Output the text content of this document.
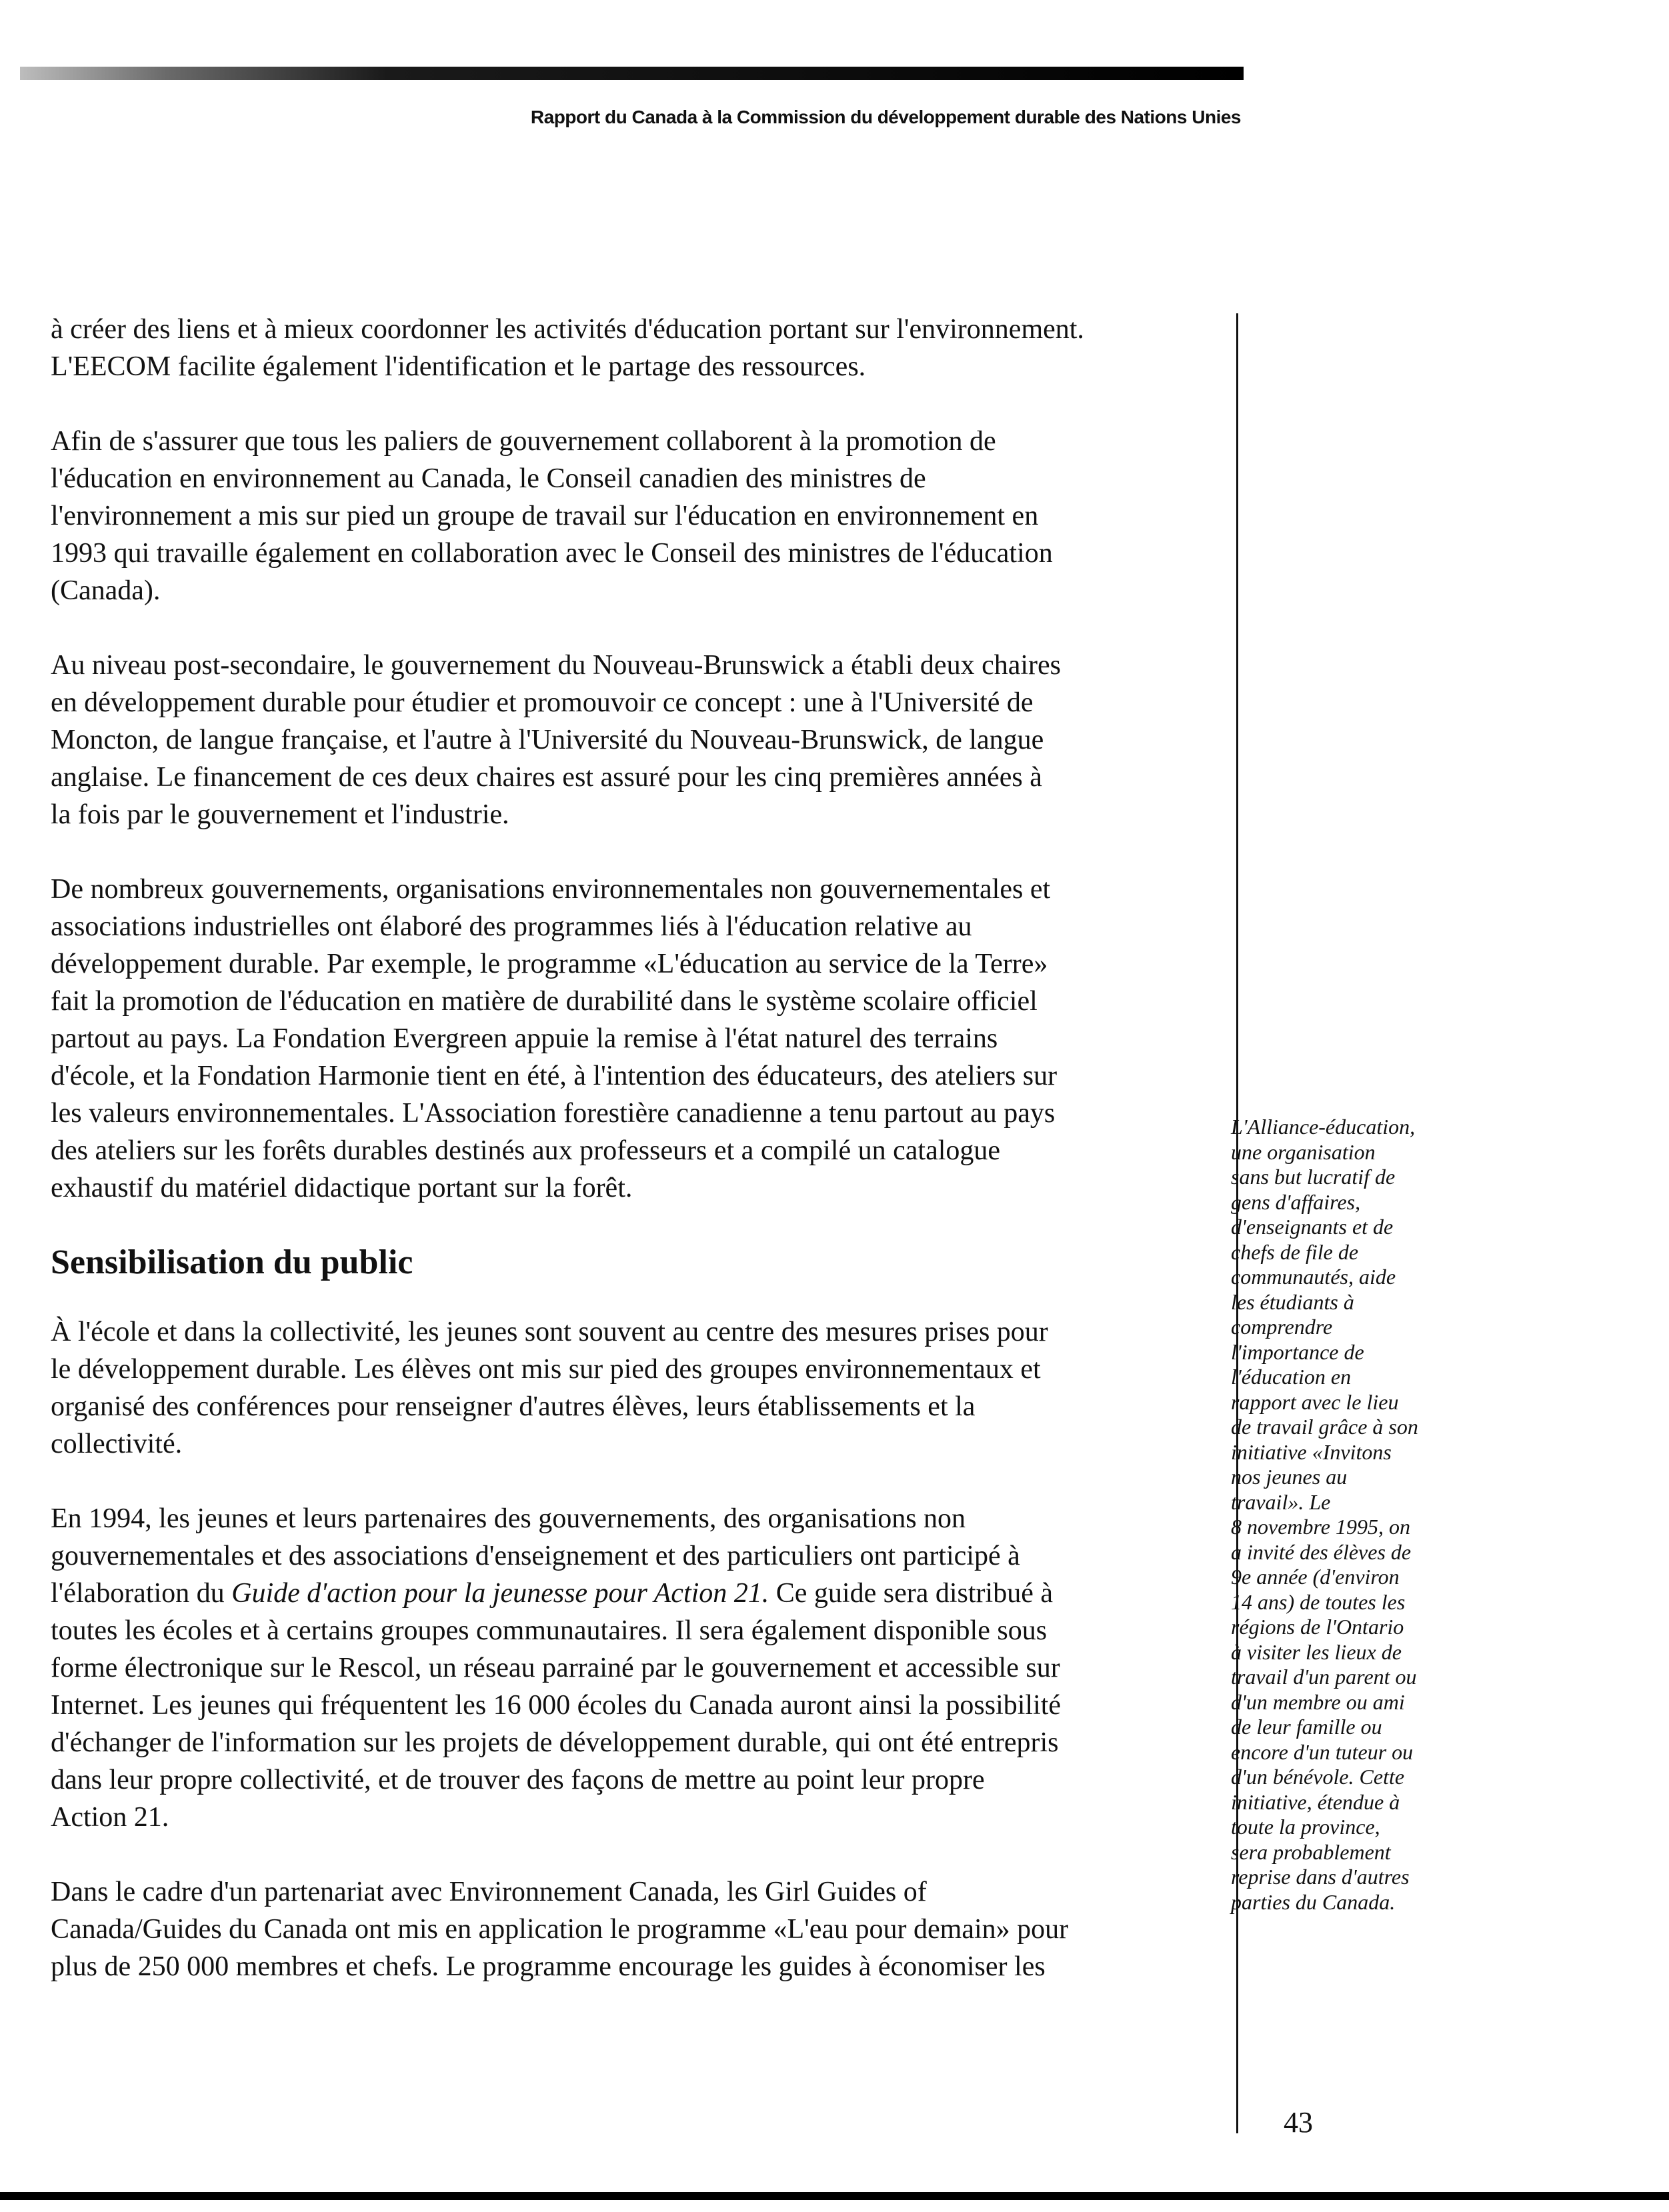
Rapport du Canada à la Commission du développement durable des Nations Unies

à créer des liens et à mieux coordonner les activités d'éducation portant sur l'environnement.
L'EECOM facilite également l'identification et le partage des ressources.

Afin de s'assurer que tous les paliers de gouvernement collaborent à la promotion de
l'éducation en environnement au Canada, le Conseil canadien des ministres de
l'environnement a mis sur pied un groupe de travail sur l'éducation en environnement en
1993 qui travaille également en collaboration avec le Conseil des ministres de l'éducation
(Canada).

Au niveau post-secondaire, le gouvernement du Nouveau-Brunswick a établi deux chaires
en développement durable pour étudier et promouvoir ce concept : une à l'Université de
Moncton, de langue française, et l'autre à l'Université du Nouveau-Brunswick, de langue
anglaise. Le financement de ces deux chaires est assuré pour les cinq premières années à
la fois par le gouvernement et l'industrie.

De nombreux gouvernements, organisations environnementales non gouvernementales et
associations industrielles ont élaboré des programmes liés à l'éducation relative au
développement durable. Par exemple, le programme «L'éducation au service de la Terre»
fait la promotion de l'éducation en matière de durabilité dans le système scolaire officiel
partout au pays. La Fondation Evergreen appuie la remise à l'état naturel des terrains
d'école, et la Fondation Harmonie tient en été, à l'intention des éducateurs, des ateliers sur
les valeurs environnementales. L'Association forestière canadienne a tenu partout au pays
des ateliers sur les forêts durables destinés aux professeurs et a compilé un catalogue
exhaustif du matériel didactique portant sur la forêt.

Sensibilisation du public

À l'école et dans la collectivité, les jeunes sont souvent au centre des mesures prises pour
le développement durable. Les élèves ont mis sur pied des groupes environnementaux et
organisé des conférences pour renseigner d'autres élèves, leurs établissements et la
collectivité.

En 1994, les jeunes et leurs partenaires des gouvernements, des organisations non
gouvernementales et des associations d'enseignement et des particuliers ont participé à
l'élaboration du Guide d'action pour la jeunesse pour Action 21. Ce guide sera distribué à
toutes les écoles et à certains groupes communautaires. Il sera également disponible sous
forme électronique sur le Rescol, un réseau parrainé par le gouvernement et accessible sur
Internet. Les jeunes qui fréquentent les 16 000 écoles du Canada auront ainsi la possibilité
d'échanger de l'information sur les projets de développement durable, qui ont été entrepris
dans leur propre collectivité, et de trouver des façons de mettre au point leur propre
Action 21.

Dans le cadre d'un partenariat avec Environnement Canada, les Girl Guides of
Canada/Guides du Canada ont mis en application le programme «L'eau pour demain» pour
plus de 250 000 membres et chefs. Le programme encourage les guides à économiser les

L'Alliance-éducation,
une organisation
sans but lucratif de
gens d'affaires,
d'enseignants et de
chefs de file de
communautés, aide
les étudiants à
comprendre
l'importance de
l'éducation en
rapport avec le lieu
de travail grâce à son
initiative «Invitons
nos jeunes au
travail». Le
8 novembre 1995, on
a invité des élèves de
9e année (d'environ
14 ans) de toutes les
régions de l'Ontario
à visiter les lieux de
travail d'un parent ou
d'un membre ou ami
de leur famille ou
encore d'un tuteur ou
d'un bénévole. Cette
initiative, étendue à
toute la province,
sera probablement
reprise dans d'autres
parties du Canada.
43
